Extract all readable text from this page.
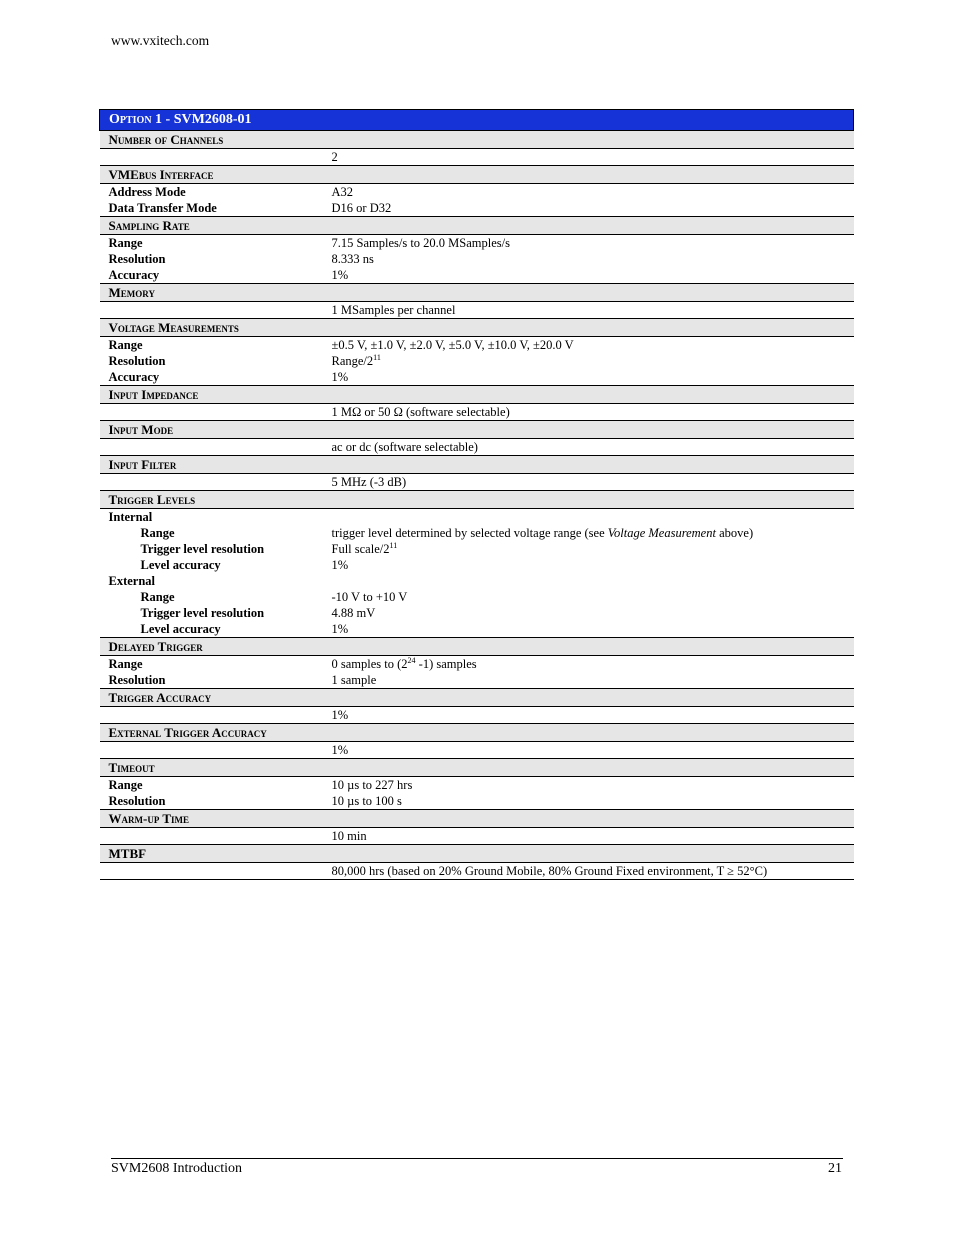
www.vxitech.com
Option 1 - SVM2608-01	
Number of Channels	
	2
VMEbus Interface	
Address Mode	A32
Data Transfer Mode	D16 or D32
Sampling Rate	
Range	7.15 Samples/s to 20.0 MSamples/s
Resolution	8.333 ns
Accuracy	1%
Memory	
	1 MSamples per channel
Voltage Measurements	
Range	±0.5 V, ±1.0 V, ±2.0 V, ±5.0 V, ±10.0 V, ±20.0 V
Resolution	Range/$2^{11}$
Accuracy	1%
Input Impedance	
	1 MΩ or 50 Ω (software selectable)
Input Mode	
	ac or dc (software selectable)
Input Filter	
	5 MHz (-3 dB)
Trigger Levels	
Internal	
Range	trigger level determined by selected voltage range (see Voltage Measurement above)
Trigger level resolution	Full scale/$2^{11}$
Level accuracy	1%
External	
Range	-10 V to +10 V
Trigger level resolution	4.88 mV
Level accuracy	1%
Delayed Trigger	
Range	0 samples to ($2^{24}$ -1) samples
Resolution	1 sample
Trigger Accuracy	
	1%
External Trigger Accuracy	
	1%
Timeout	
Range	10 µs to 227 hrs
Resolution	10 µs to 100 s
Warm-up Time	
	10 min
MTBF	
	80,000 hrs (based on 20% Ground Mobile, 80% Ground Fixed environment, T ≥ 52°C)
SVM2608 Introduction	21
